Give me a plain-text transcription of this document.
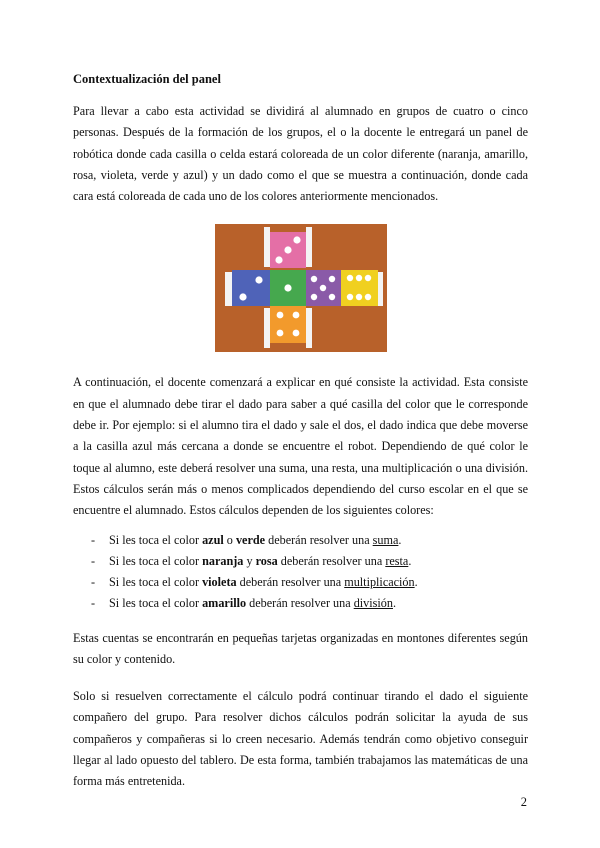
Contextualización del panel

Para llevar a cabo esta actividad se dividirá al alumnado en grupos de cuatro o cinco personas. Después de la formación de los grupos, el o la docente le entregará un panel de robótica donde cada casilla o celda estará coloreada de un color diferente (naranja, amarillo, rosa, violeta, verde y azul) y un dado como el que se muestra a continuación, donde cada cara está coloreada de cada uno de los colores anteriormente mencionados.

A continuación, el docente comenzará a explicar en qué consiste la actividad. Esta consiste en que el alumnado debe tirar el dado para saber a qué casilla del color que le corresponde debe ir. Por ejemplo: si el alumno tira el dado y sale el dos, el dado indica que debe moverse a la casilla azul más cercana a donde se encuentre el robot. Dependiendo de qué color le toque al alumno, este deberá resolver una suma, una resta, una multiplicación o una división. Estos cálculos serán más o menos complicados dependiendo del curso escolar en el que se encuentre el alumnado. Estos cálculos dependen de los siguientes colores:

- Si les toca el color azul o verde deberán resolver una suma.
- Si les toca el color naranja y rosa deberán resolver una resta.
- Si les toca el color violeta deberán resolver una multiplicación.
- Si les toca el color amarillo deberán resolver una división.

Estas cuentas se encontrarán en pequeñas tarjetas organizadas en montones diferentes según su color y contenido.

Solo si resuelven correctamente el cálculo podrá continuar tirando el dado el siguiente compañero del grupo. Para resolver dichos cálculos podrán solicitar la ayuda de sus compañeros y compañeras si lo creen necesario. Además tendrán como objetivo conseguir llegar al lado opuesto del tablero. De esta forma, también trabajamos las matemáticas de una forma más entretenida.

2
